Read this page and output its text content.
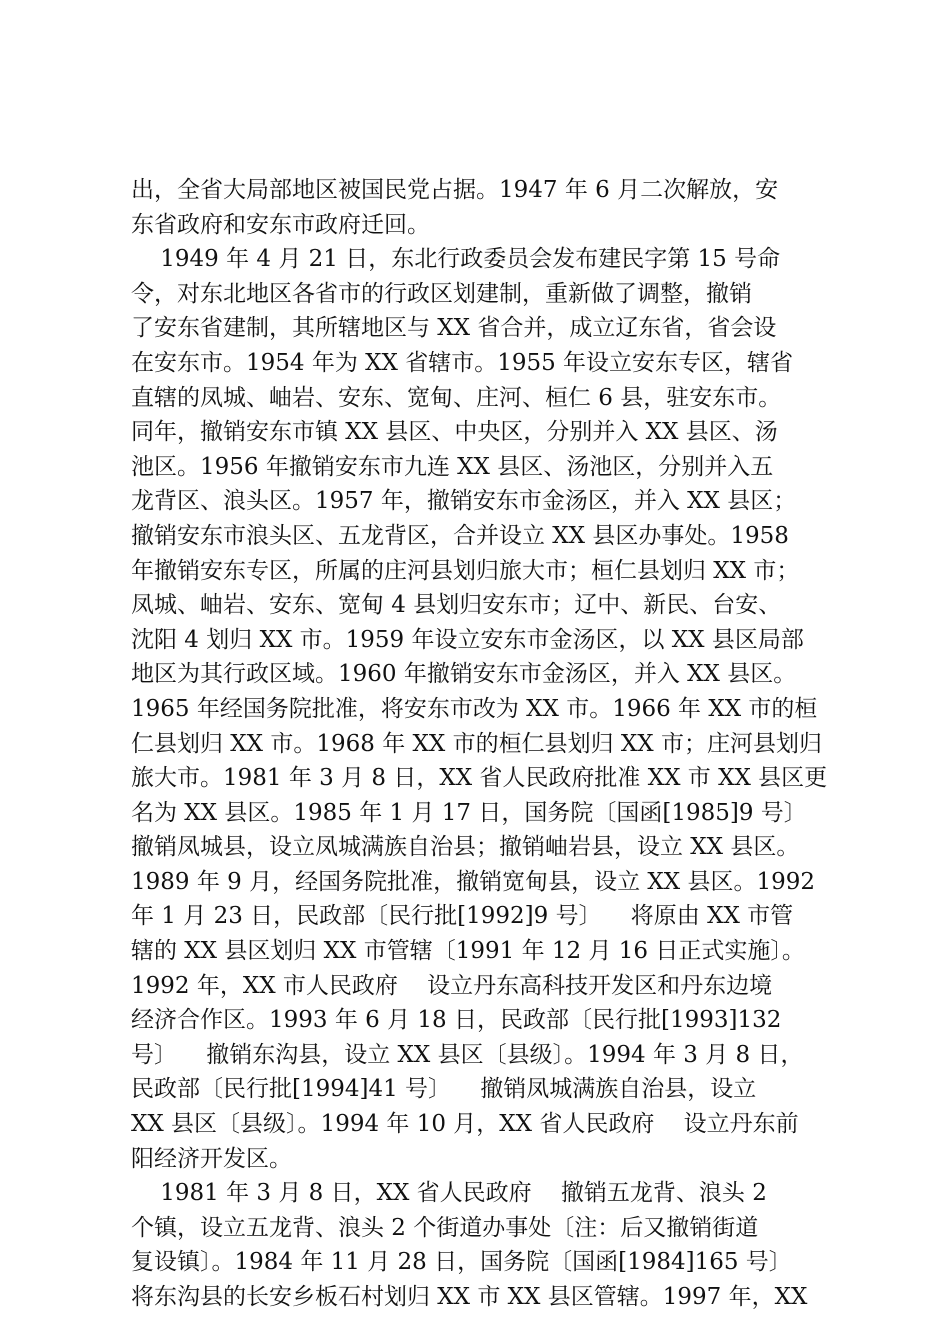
出，全省大局部地区被国民党占据。1947 年 6 月二次解放，安
东省政府和安东市政府迁回。
1949 年 4 月 21 日，东北行政委员会发布建民字第 15 号命
令，对东北地区各省市的行政区划建制，重新做了调整，撤销
了安东省建制，其所辖地区与 XX 省合并，成立辽东省，省会设
在安东市。1954 年为 XX 省辖市。1955 年设立安东专区，辖省
直辖的凤城、岫岩、安东、宽甸、庄河、桓仁 6 县，驻安东市。
同年，撤销安东市镇 XX 县区、中央区，分别并入 XX 县区、汤
池区。1956 年撤销安东市九连 XX 县区、汤池区，分别并入五
龙背区、浪头区。1957 年，撤销安东市金汤区，并入 XX 县区；
撤销安东市浪头区、五龙背区，合并设立 XX 县区办事处。1958
年撤销安东专区，所属的庄河县划归旅大市；桓仁县划归 XX 市；
凤城、岫岩、安东、宽甸 4 县划归安东市；辽中、新民、台安、
沈阳 4 划归 XX 市。1959 年设立安东市金汤区，以 XX 县区局部
地区为其行政区域。1960 年撤销安东市金汤区，并入 XX 县区。
1965 年经国务院批准，将安东市改为 XX 市。1966 年 XX 市的桓
仁县划归 XX 市。1968 年 XX 市的桓仁县划归 XX 市；庄河县划归
旅大市。1981 年 3 月 8 日，XX 省人民政府批准 XX 市 XX 县区更
名为 XX 县区。1985 年 1 月 17 日，国务院〔国函[1985]9 号〕
撤销凤城县，设立凤城满族自治县；撤销岫岩县，设立 XX 县区。
1989 年 9 月，经国务院批准，撤销宽甸县，设立 XX 县区。1992
年 1 月 23 日，民政部〔民行批[1992]9 号〕    将原由 XX 市管
辖的 XX 县区划归 XX 市管辖〔1991 年 12 月 16 日正式实施〕。
1992 年，XX 市人民政府    设立丹东高科技开发区和丹东边境
经济合作区。1993 年 6 月 18 日，民政部〔民行批[1993]132
号〕    撤销东沟县，设立 XX 县区〔县级〕。1994 年 3 月 8 日，
民政部〔民行批[1994]41 号〕    撤销凤城满族自治县，设立
XX 县区〔县级〕。1994 年 10 月，XX 省人民政府    设立丹东前
阳经济开发区。
1981 年 3 月 8 日，XX 省人民政府    撤销五龙背、浪头 2
个镇，设立五龙背、浪头 2 个街道办事处〔注：后又撤销街道
复设镇〕。1984 年 11 月 28 日，国务院〔国函[1984]165 号〕
将东沟县的长安乡板石村划归 XX 市 XX 县区管辖。1997 年，XX
